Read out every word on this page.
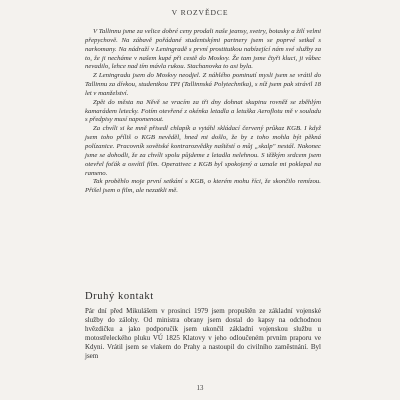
V ROZVĚDCE

V Tallinnu jsme za velice dobré ceny prodali naše jeansy, svetry, botasky a žilí velmi přepychově. Na zábavě pořádané studentskými partnery jsem se poprvé setkal s narkomany. Na nádraží v Leningradě s první prostitutkou nabízející nám své služby za to, že ji necháme v našem kupé při cestě do Moskvy. Že tam jsme čtyři kluci, ji vůbec nevadilo, lehce nad tím mávla rukou. Stachanovka to asi byla.

Z Leningradu jsem do Moskvy neodjel. Z náhlého pominutí mysli jsem se vrátil do Tallinnu za dívkou, studentkou TPI (Tallinnská Polytechnika), s níž jsem pak strávil 18 let v manželství.

Zpět do města na Něvě se vracím za tři dny dohnat skupinu rovněž se zběhlým kamarádem letecky. Fotím otevřené z okénka letadla a letuška Aeroflotu mě v souladu s předpisy musí napomenout.

Za chvíli si ke mně přisedl chlapík a vytáhl skládací červený průkaz KGB. I když jsem toho příliš o KGB nevěděl, hned mi došlo, že by z toho mohla být pěkná polízanice. Pracovník sovětské kontrarozvědky naštěstí o můj „skalp" nestál. Nakonec jsme se dohodli, že za chvíli spolu půjdeme z letadla nelehnou. S těžkým srdcem jsem otevřel foťák a osvítil film. Operativec z KGB byl spokojený a uznale mi poklepal na rameno.

Tak proběhlo moje první setkání s KGB, o kterém mohu říci, že skončilo remízou. Přišel jsem o film, ale nezatkli mě.

Druhý kontakt

Pár dní před Mikulášem v prosinci 1979 jsem propuštěn ze základní vojenské služby do zálohy. Od ministra obrany jsem dostal do kapsy na odchodnou hvězdičku a jako podporučík jsem ukončil základní vojenskou službu u motostřeleckého pluku VÚ 1825 Klatovy v jeho odloučeném prvním praporu ve Kdyni. Vrátil jsem se vlakem do Prahy a nastoupil do civilního zaměstnání. Byl jsem

13
